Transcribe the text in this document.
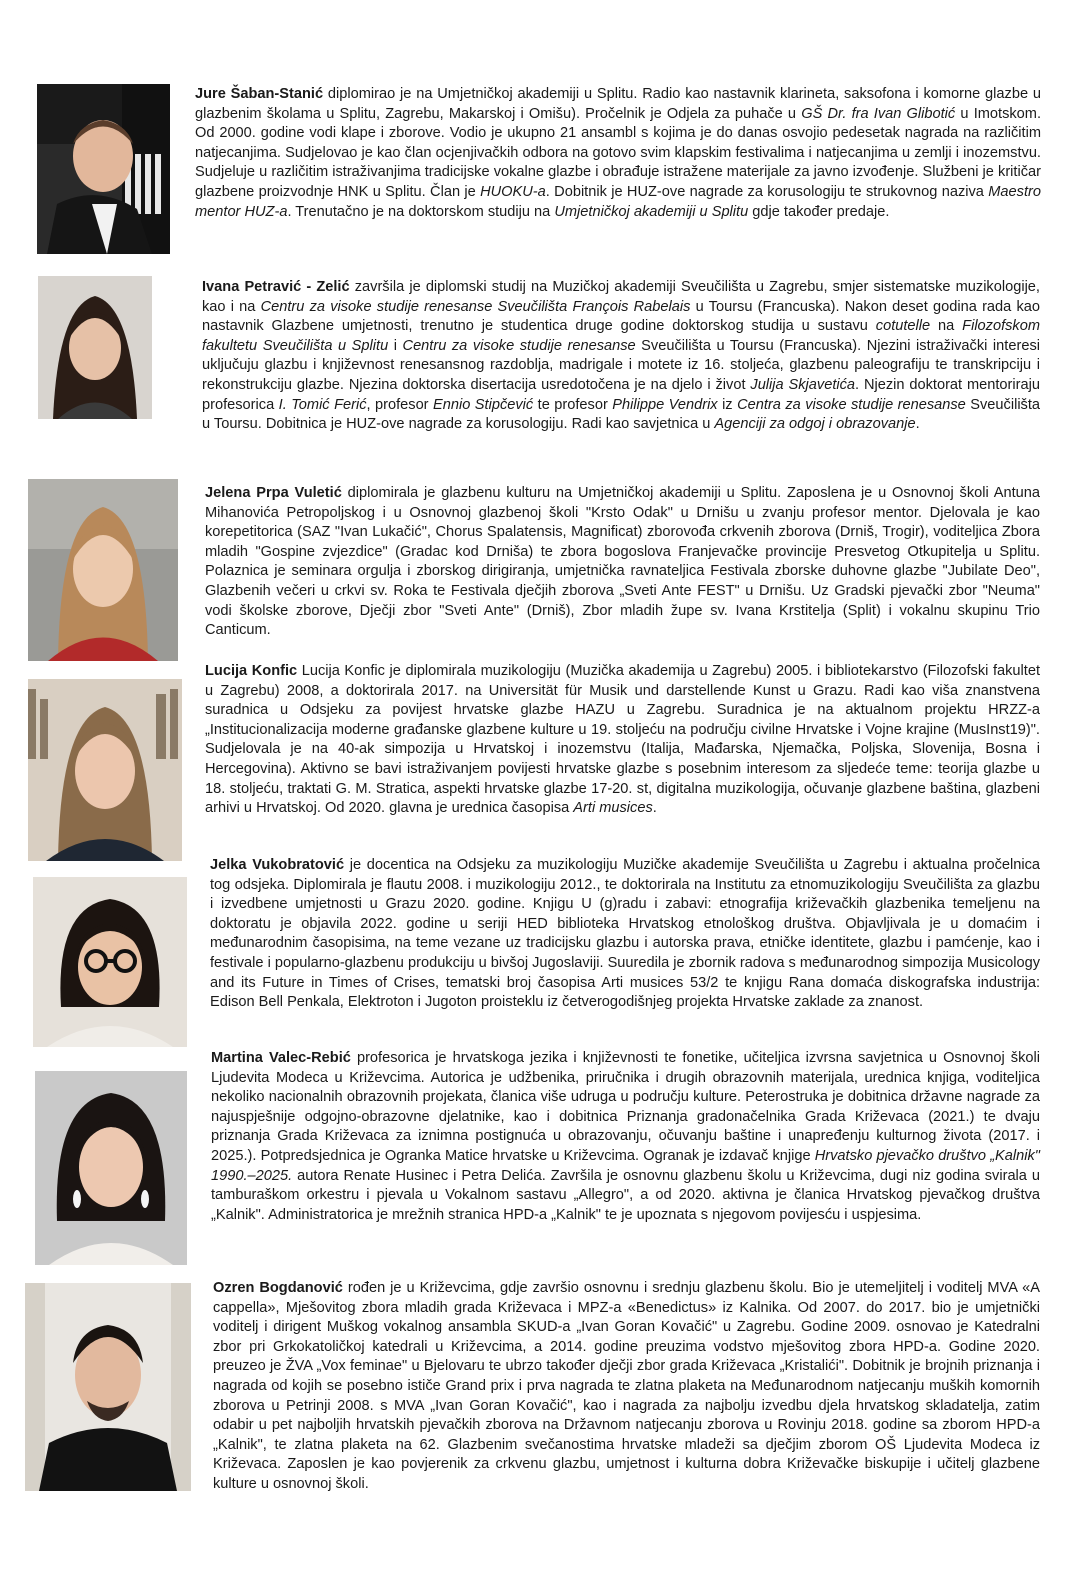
Jure Šaban-Stanić diplomirao je na Umjetničkoj akademiji u Splitu. Radio kao nastavnik klarineta, saksofona i komorne glazbe u glazbenim školama u Splitu, Zagrebu, Makarskoj i Omišu). Pročelnik je Odjela za puhače u GŠ Dr. fra Ivan Glibotić u Imotskom. Od 2000. godine vodi klape i zborove. Vodio je ukupno 21 ansambl s kojima je do danas osvojio pedesetak nagrada na različitim natjecanjima. Sudjelovao je kao član ocjenjivačkih odbora na gotovo svim klapskim festivalima i natjecanjima u zemlji i inozemstvu. Sudjeluje u različitim istraživanjima tradicijske vokalne glazbe i obrađuje istražene materijale za javno izvođenje. Službeni je kritičar glazbene proizvodnje HNK u Splitu. Član je HUOKU-a. Dobitnik je HUZ-ove nagrade za korusologiju te strukovnog naziva Maestro mentor HUZ-a. Trenutačno je na doktorskom studiju na Umjetničkoj akademiji u Splitu gdje također predaje.

Ivana Petravić - Zelić završila je diplomski studij na Muzičkoj akademiji Sveučilišta u Zagrebu, smjer sistematske muzikologije, kao i na Centru za visoke studije renesanse Sveučilišta François Rabelais u Toursu (Francuska). Nakon deset godina rada kao nastavnik Glazbene umjetnosti, trenutno je studentica druge godine doktorskog studija u sustavu cotutelle na Filozofskom fakultetu Sveučilišta u Splitu i Centru za visoke studije renesanse Sveučilišta u Toursu (Francuska). Njezini istraživački interesi uključuju glazbu i književnost renesansnog razdoblja, madrigale i motete iz 16. stoljeća, glazbenu paleografiju te transkripciju i rekonstrukciju glazbe. Njezina doktorska disertacija usredotočena je na djelo i život Julija Skjavetića. Njezin doktorat mentoriraju profesorica I. Tomić Ferić, profesor Ennio Stipčević te profesor Philippe Vendrix iz Centra za visoke studije renesanse Sveučilišta u Toursu. Dobitnica je HUZ-ove nagrade za korusologiju. Radi kao savjetnica u Agenciji za odgoj i obrazovanje.

Jelena Prpa Vuletić diplomirala je glazbenu kulturu na Umjetničkoj akademiji u Splitu. Zaposlena je u Osnovnoj školi Antuna Mihanovića Petropoljskog i u Osnovnoj glazbenoj školi "Krsto Odak" u Drnišu u zvanju profesor mentor. Djelovala je kao korepetitorica (SAZ "Ivan Lukačić", Chorus Spalatensis, Magnificat) zborovođa crkvenih zborova (Drniš, Trogir), voditeljica Zbora mladih "Gospine zvjezdice" (Gradac kod Drniša) te zbora bogoslova Franjevačke provincije Presvetog Otkupitelja u Splitu. Polaznica je seminara orgulja i zborskog dirigiranja, umjetnička ravnateljica Festivala zborske duhovne glazbe "Jubilate Deo", Glazbenih večeri u crkvi sv. Roka te Festivala dječjih zborova „Sveti Ante FEST" u Drnišu. Uz Gradski pjevački zbor "Neuma" vodi školske zborove, Dječji zbor "Sveti Ante" (Drniš), Zbor mladih župe sv. Ivana Krstitelja (Split) i vokalnu skupinu Trio Canticum.

Lucija Konfic Lucija Konfic je diplomirala muzikologiju (Muzička akademija u Zagrebu) 2005. i bibliotekarstvo (Filozofski fakultet u Zagrebu) 2008, a doktorirala 2017. na Universität für Musik und darstellende Kunst u Grazu. Radi kao viša znanstvena suradnica u Odsjeku za povijest hrvatske glazbe HAZU u Zagrebu. Suradnica je na aktualnom projektu HRZZ-a „Institucionalizacija moderne građanske glazbene kulture u 19. stoljeću na području civilne Hrvatske i Vojne krajine (MusInst19)". Sudjelovala je na 40-ak simpozija u Hrvatskoj i inozemstvu (Italija, Mađarska, Njemačka, Poljska, Slovenija, Bosna i Hercegovina). Aktivno se bavi istraživanjem povijesti hrvatske glazbe s posebnim interesom za sljedeće teme: teorija glazbe u 18. stoljeću, traktati G. M. Stratica, aspekti hrvatske glazbe 17-20. st, digitalna muzikologija, očuvanje glazbene baština, glazbeni arhivi u Hrvatskoj. Od 2020. glavna je urednica časopisa Arti musices.

Jelka Vukobratović je docentica na Odsjeku za muzikologiju Muzičke akademije Sveučilišta u Zagrebu i aktualna pročelnica tog odsjeka. Diplomirala je flautu 2008. i muzikologiju 2012., te doktorirala na Institutu za etnomuzikologiju Sveučilišta za glazbu i izvedbene umjetnosti u Grazu 2020. godine. Knjigu U (g)radu i zabavi: etnografija križevačkih glazbenika temeljenu na doktoratu je objavila 2022. godine u seriji HED biblioteka Hrvatskog etnološkog društva. Objavljivala je u domaćim i međunarodnim časopisima, na teme vezane uz tradicijsku glazbu i autorska prava, etničke identitete, glazbu i pamćenje, kao i festivale i popularno-glazbenu produkciju u bivšoj Jugoslaviji. Suuredila je zbornik radova s međunarodnog simpozija Musicology and its Future in Times of Crises, tematski broj časopisa Arti musices 53/2 te knjigu Rana domaća diskografska industrija: Edison Bell Penkala, Elektroton i Jugoton proisteklu iz četverogodišnjeg projekta Hrvatske zaklade za znanost.

Martina Valec-Rebić profesorica je hrvatskoga jezika i književnosti te fonetike, učiteljica izvrsna savjetnica u Osnovnoj školi Ljudevita Modeca u Križevcima. Autorica je udžbenika, priručnika i drugih obrazovnih materijala, urednica knjiga, voditeljica nekoliko nacionalnih obrazovnih projekata, članica više udruga u području kulture. Peterostruka je dobitnica državne nagrade za najuspješnije odgojno-obrazovne djelatnike, kao i dobitnica Priznanja gradonačelnika Grada Križevaca (2021.) te dvaju priznanja Grada Križevaca za iznimna postignuća u obrazovanju, očuvanju baštine i unapređenju kulturnog života (2017. i 2025.). Potpredsjednica je Ogranka Matice hrvatske u Križevcima. Ogranak je izdavač knjige Hrvatsko pjevačko društvo „Kalnik" 1990.–2025. autora Renate Husinec i Petra Delića. Završila je osnovnu glazbenu školu u Križevcima, dugi niz godina svirala u tamburaškom orkestru i pjevala u Vokalnom sastavu „Allegro", a od 2020. aktivna je članica Hrvatskog pjevačkog društva „Kalnik". Administratorica je mrežnih stranica HPD-a „Kalnik" te je upoznata s njegovom povijesću i uspjesima.

Ozren Bogdanović rođen je u Križevcima, gdje završio osnovnu i srednju glazbenu školu. Bio je utemeljitelj i voditelj MVA «A cappella», Mješovitog zbora mladih grada Križevaca i MPZ-a «Benedictus» iz Kalnika. Od 2007. do 2017. bio je umjetnički voditelj i dirigent Muškog vokalnog ansambla SKUD-a „Ivan Goran Kovačić" u Zagrebu. Godine 2009. osnovao je Katedralni zbor pri Grkokatoličkoj katedrali u Križevcima, a 2014. godine preuzima vodstvo mješovitog zbora HPD-a. Godine 2020. preuzeo je ŽVA „Vox feminae" u Bjelovaru te ubrzo također dječji zbor grada Križevaca „Kristalići". Dobitnik je brojnih priznanja i nagrada od kojih se posebno ističe Grand prix i prva nagrada te zlatna plaketa na Međunarodnom natjecanju muških komornih zborova u Petrinji 2008. s MVA „Ivan Goran Kovačić", kao i nagrada za najbolju izvedbu djela hrvatskog skladatelja, zatim odabir u pet najboljih hrvatskih pjevačkih zborova na Državnom natjecanju zborova u Rovinju 2018. godine sa zborom HPD-a „Kalnik", te zlatna plaketa na 62. Glazbenim svečanostima hrvatske mladeži sa dječjim zborom OŠ Ljudevita Modeca iz Križevaca. Zaposlen je kao povjerenik za crkvenu glazbu, umjetnost i kulturna dobra Križevačke biskupije i učitelj glazbene kulture u osnovnoj školi.
